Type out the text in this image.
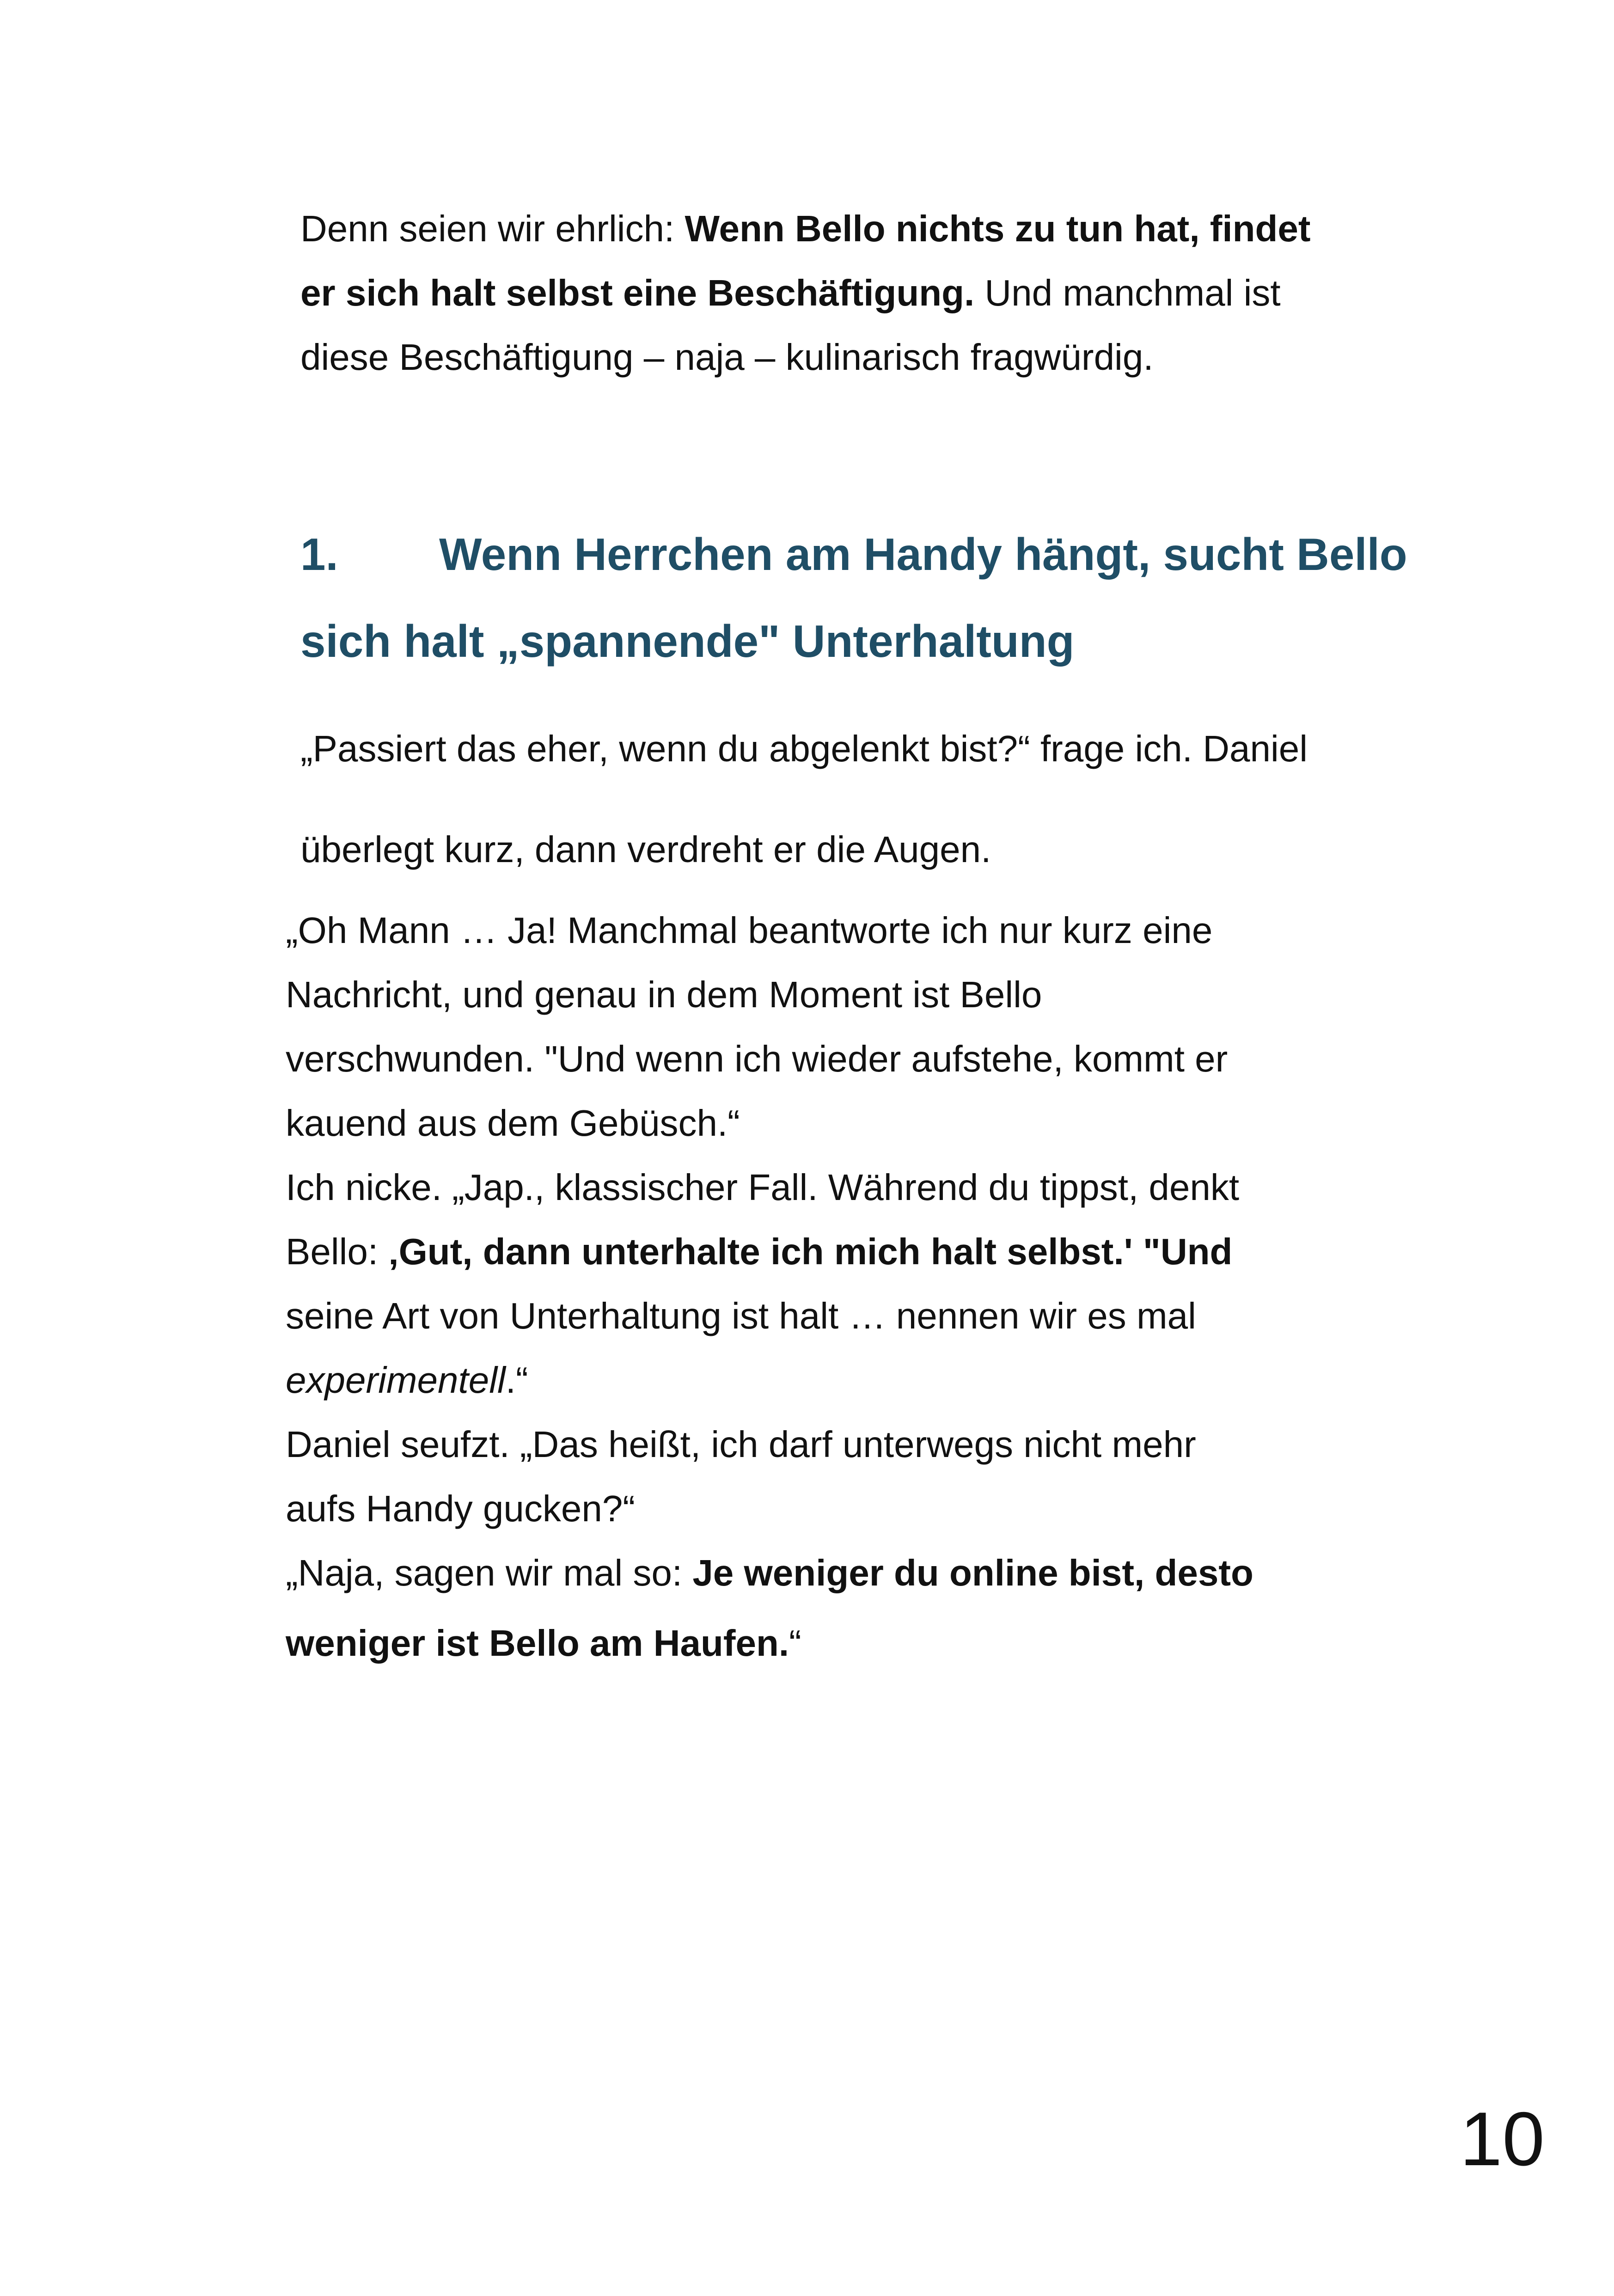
Denn seien wir ehrlich: Wenn Bello nichts zu tun hat, findet
er sich halt selbst eine Beschäftigung. Und manchmal ist
diese Beschäftigung – naja – kulinarisch fragwürdig.
1. Wenn Herrchen am Handy hängt, sucht Bello
sich halt „spannende" Unterhaltung
„Passiert das eher, wenn du abgelenkt bist?“ frage ich. Daniel
überlegt kurz, dann verdreht er die Augen.
„Oh Mann … Ja! Manchmal beantworte ich nur kurz eine
Nachricht, und genau in dem Moment ist Bello
verschwunden. "Und wenn ich wieder aufstehe, kommt er
kauend aus dem Gebüsch.“
Ich nicke. „Jap., klassischer Fall. Während du tippst, denkt
Bello: ‚Gut, dann unterhalte ich mich halt selbst.' "Und
seine Art von Unterhaltung ist halt … nennen wir es mal
experimentell.“
Daniel seufzt. „Das heißt, ich darf unterwegs nicht mehr
aufs Handy gucken?“
„Naja, sagen wir mal so: Je weniger du online bist, desto
weniger ist Bello am Haufen.“
10
